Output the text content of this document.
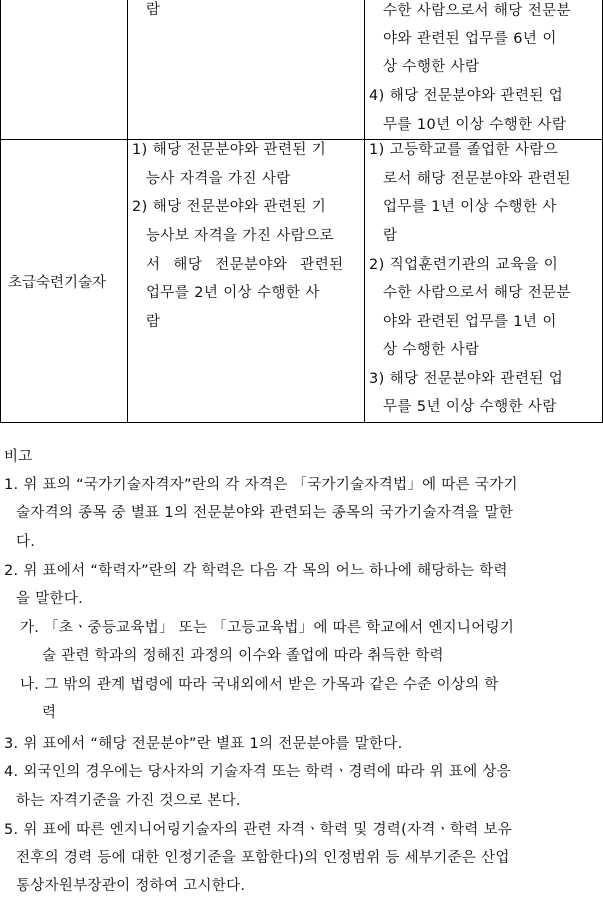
람	수한 사람으로서 해당 전문분
야와 관련된 업무를 6년 이
상 수행한 사람
4) 해당 전문분야와 관련된 업
무를 10년 이상 수행한 사람
초급숙련기술자
1) 해당 전문분야와 관련된 기
능사 자격을 가진 사람
2) 해당 전문분야와 관련된 기
능사보 자격을 가진 사람으로
서 해당 전문분야와 관련된
업무를 2년 이상 수행한 사
람
1) 고등학교를 졸업한 사람으
로서 해당 전문분야와 관련된
업무를 1년 이상 수행한 사
람
2) 직업훈련기관의 교육을 이
수한 사람으로서 해당 전문분
야와 관련된 업무를 1년 이
상 수행한 사람
3) 해당 전문분야와 관련된 업
무를 5년 이상 수행한 사람
비고
1. 위 표의 “국가기술자격자”란의 각 자격은 「국가기술자격법」에 따른 국가기
술자격의 종목 중 별표 1의 전문분야와 관련되는 종목의 국가기술자격을 말한
다.
2. 위 표에서 “학력자”란의 각 학력은 다음 각 목의 어느 하나에 해당하는 학력
을 말한다.
가. 「초ㆍ중등교육법」 또는 「고등교육법」에 따른 학교에서 엔지니어링기
술 관련 학과의 정해진 과정의 이수와 졸업에 따라 취득한 학력
나. 그 밖의 관계 법령에 따라 국내외에서 받은 가목과 같은 수준 이상의 학
력
3. 위 표에서 “해당 전문분야”란 별표 1의 전문분야를 말한다.
4. 외국인의 경우에는 당사자의 기술자격 또는 학력ㆍ경력에 따라 위 표에 상응
하는 자격기준을 가진 것으로 본다.
5. 위 표에 따른 엔지니어링기술자의 관련 자격ㆍ학력 및 경력(자격ㆍ학력 보유
전후의 경력 등에 대한 인정기준을 포함한다)의 인정범위 등 세부기준은 산업
통상자원부장관이 정하여 고시한다.
